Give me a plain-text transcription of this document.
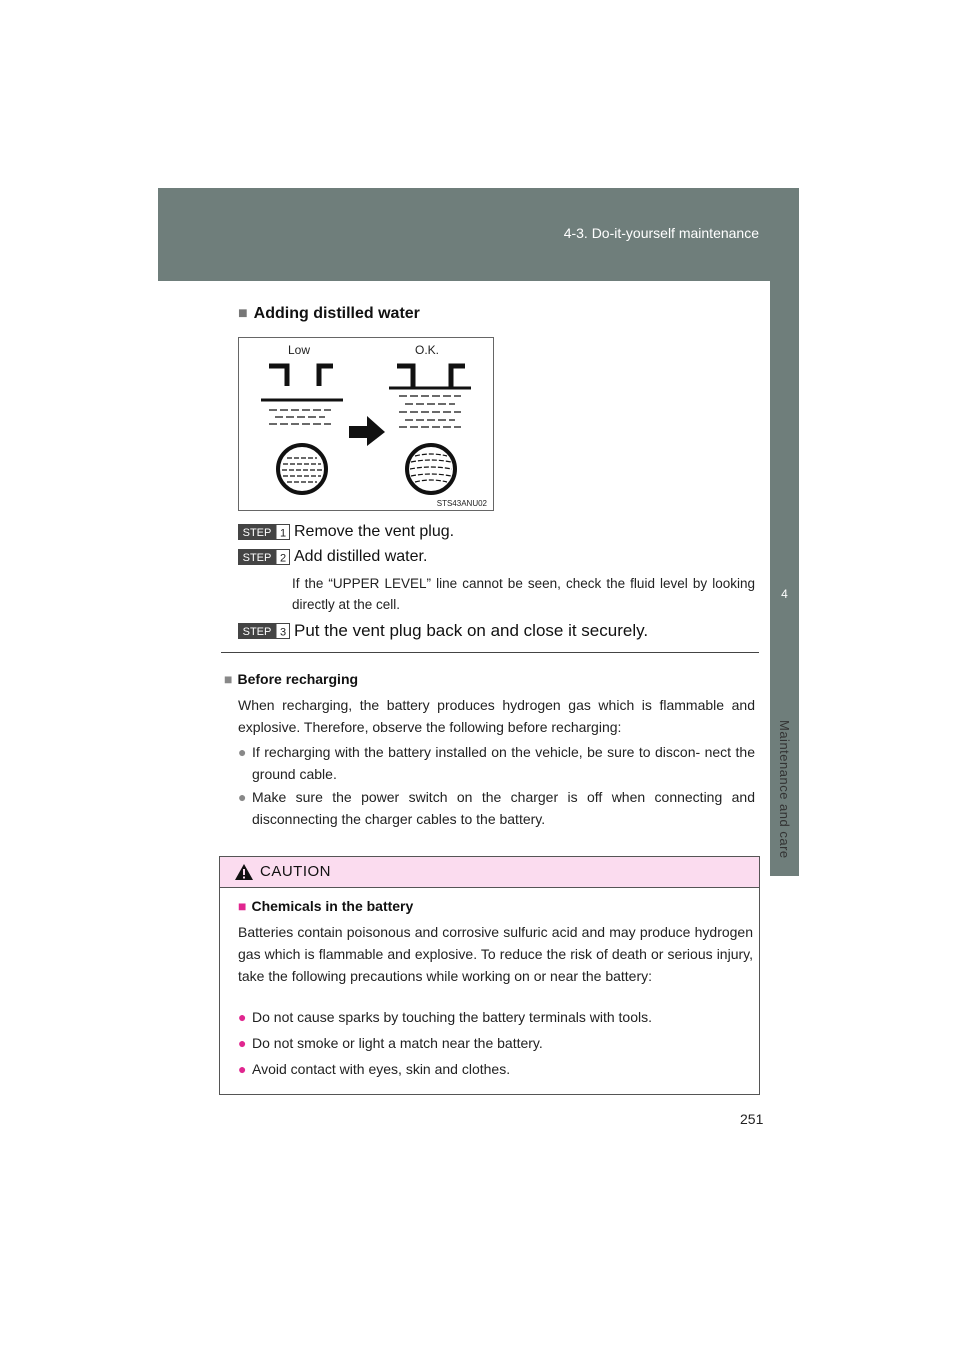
4-3. Do-it-yourself maintenance
4
Maintenance and care
■ Adding distilled water
Low	O.K.
STS43ANU02
STEP 1 Remove the vent plug.
STEP 2 Add distilled water.
If the “UPPER LEVEL” line cannot be seen, check the fluid level by looking directly at the cell.
STEP 3 Put the vent plug back on and close it securely.
■ Before recharging
When recharging, the battery produces hydrogen gas which is flammable and explosive. Therefore, observe the following before recharging:
● If recharging with the battery installed on the vehicle, be sure to discon- nect the ground cable.
● Make sure the power switch on the charger is off when connecting and disconnecting the charger cables to the battery.
CAUTION
■ Chemicals in the battery
Batteries contain poisonous and corrosive sulfuric acid and may produce hydrogen gas which is flammable and explosive. To reduce the risk of death or serious injury, take the following precautions while working on or near the battery:
● Do not cause sparks by touching the battery terminals with tools.
● Do not smoke or light a match near the battery.
● Avoid contact with eyes, skin and clothes.
251
